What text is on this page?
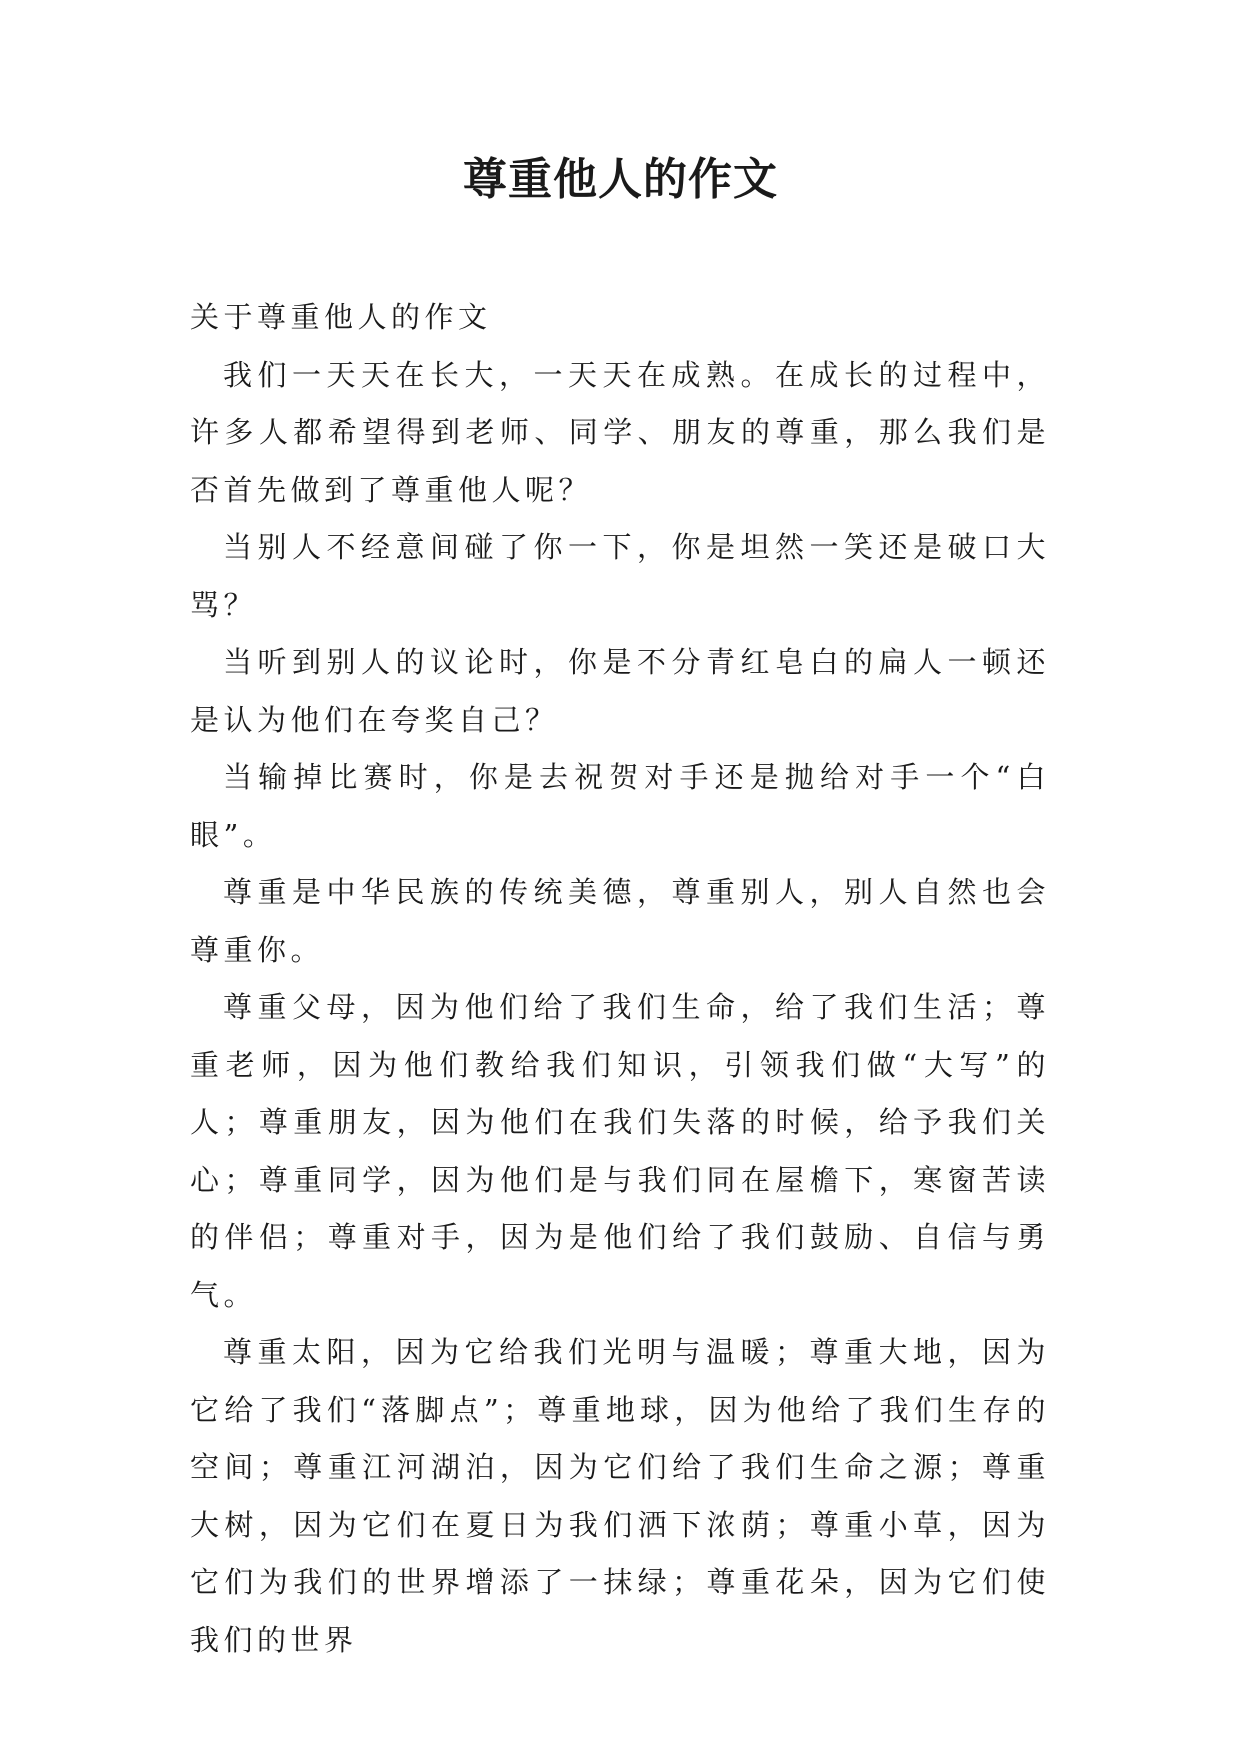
尊重他人的作文

关于尊重他人的作文

我们一天天在长大，一天天在成熟。在成长的过程中，许多人都希望得到老师、同学、朋友的尊重，那么我们是否首先做到了尊重他人呢？

当别人不经意间碰了你一下，你是坦然一笑还是破口大骂？

当听到别人的议论时，你是不分青红皂白的扁人一顿还是认为他们在夸奖自己？

当输掉比赛时，你是去祝贺对手还是抛给对手一个“白眼”。

尊重是中华民族的传统美德，尊重别人，别人自然也会尊重你。

尊重父母，因为他们给了我们生命，给了我们生活；尊重老师，因为他们教给我们知识，引领我们做“大写”的人；尊重朋友，因为他们在我们失落的时候，给予我们关心；尊重同学，因为他们是与我们同在屋檐下，寒窗苦读的伴侣；尊重对手，因为是他们给了我们鼓励、自信与勇气。

尊重太阳，因为它给我们光明与温暖；尊重大地，因为它给了我们“落脚点”；尊重地球，因为他给了我们生存的空间；尊重江河湖泊，因为它们给了我们生命之源；尊重大树，因为它们在夏日为我们洒下浓荫；尊重小草，因为它们为我们的世界增添了一抹绿；尊重花朵，因为它们使我们的世界
